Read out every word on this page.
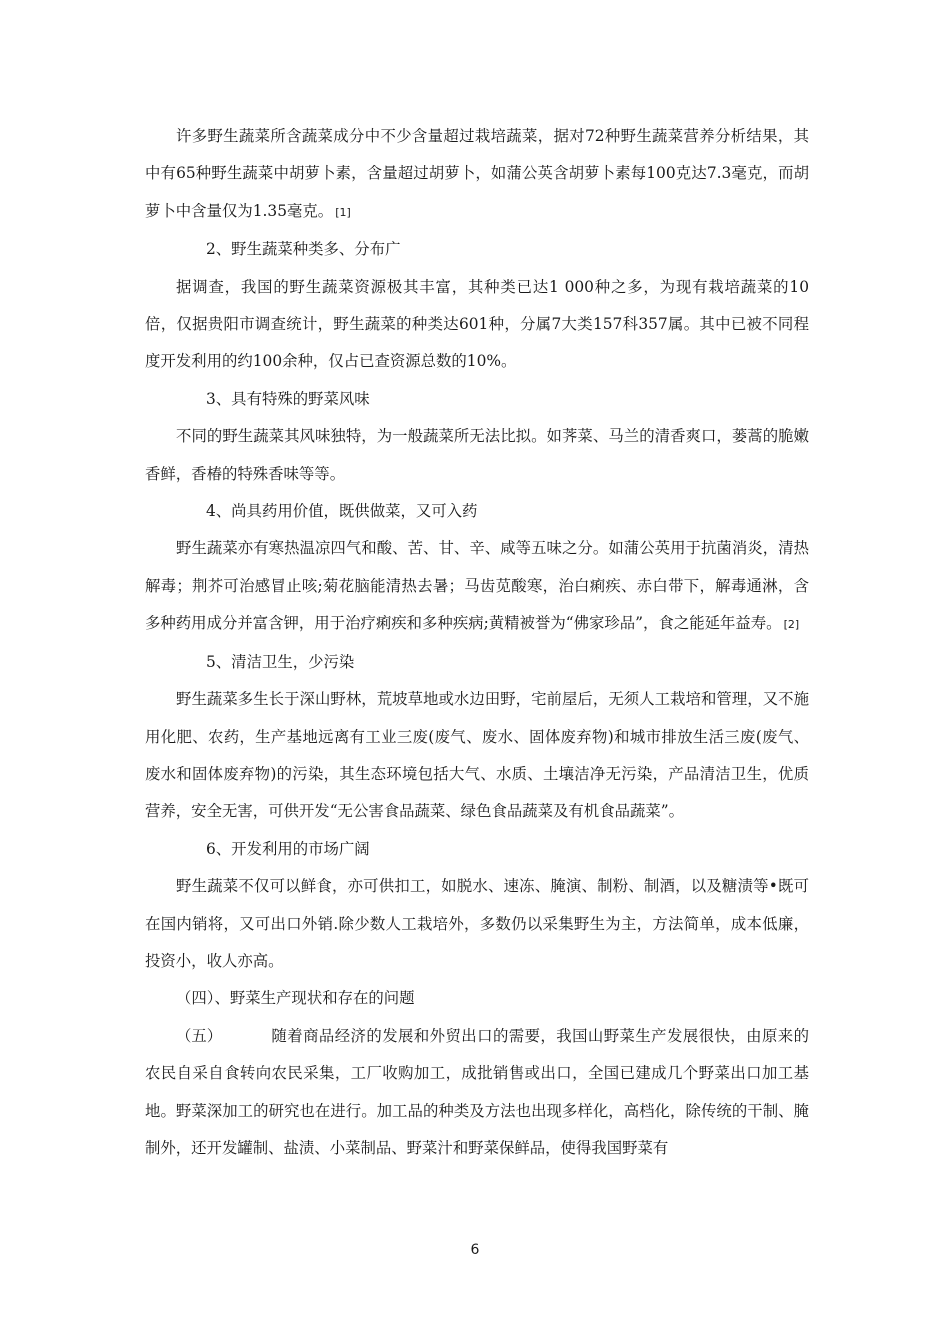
许多野生蔬菜所含蔬菜成分中不少含量超过栽培蔬菜，据对72种野生蔬菜营养分析结果，其中有65种野生蔬菜中胡萝卜素，含量超过胡萝卜，如蒲公英含胡萝卜素每100克达7.3毫克，而胡萝卜中含量仅为1.35毫克。 [1]

2、野生蔬菜种类多、分布广

据调查，我国的野生蔬菜资源极其丰富，其种类已达1 000种之多，为现有栽培蔬菜的10倍，仅据贵阳市调查统计，野生蔬菜的种类达601种，分属7大类157科357属。其中已被不同程度开发利用的约100余种，仅占已查资源总数的10%。

3、具有特殊的野菜风味

不同的野生蔬菜其风味独特，为一般蔬菜所无法比拟。如荠菜、马兰的清香爽口，蒌蒿的脆嫩香鲜，香椿的特殊香味等等。

4、尚具药用价值，既供做菜，又可入药

野生蔬菜亦有寒热温凉四气和酸、苦、甘、辛、咸等五味之分。如蒲公英用于抗菌消炎，清热解毒；荆芥可治感冒止咳;菊花脑能清热去暑；马齿苋酸寒，治白痢疾、赤白带下，解毒通淋，含多种药用成分并富含钾，用于治疗痢疾和多种疾病;黄精被誉为“佛家珍品”，食之能延年益寿。 [2]

5、清洁卫生，少污染

野生蔬菜多生长于深山野林，荒坡草地或水边田野，宅前屋后，无须人工栽培和管理，又不施用化肥、农药，生产基地远离有工业三废(废气、废水、固体废弃物)和城市排放生活三废(废气、废水和固体废弃物)的污染，其生态环境包括大气、水质、土壤洁净无污染，产品清洁卫生，优质营养，安全无害，可供开发“无公害食品蔬菜、绿色食品蔬菜及有机食品蔬菜”。

6、开发利用的市场广阔

野生蔬菜不仅可以鲜食，亦可供扣工，如脱水、速冻、腌演、制粉、制酒，以及糖渍等•既可在国内销将，又可出口外销.除少数人工栽培外，多数仍以采集野生为主，方法简单，成本低廉，投资小，收人亦高。

（四）、野菜生产现状和存在的问题

（五）	随着商品经济的发展和外贸出口的需要，我国山野菜生产发展很快，由原来的农民自采自食转向农民采集，工厂收购加工，成批销售或出口，全国已建成几个野菜出口加工基地。野菜深加工的研究也在进行。加工品的种类及方法也出现多样化，高档化，除传统的干制、腌制外，还开发罐制、盐渍、小菜制品、野菜汁和野菜保鲜品，使得我国野菜有

6
